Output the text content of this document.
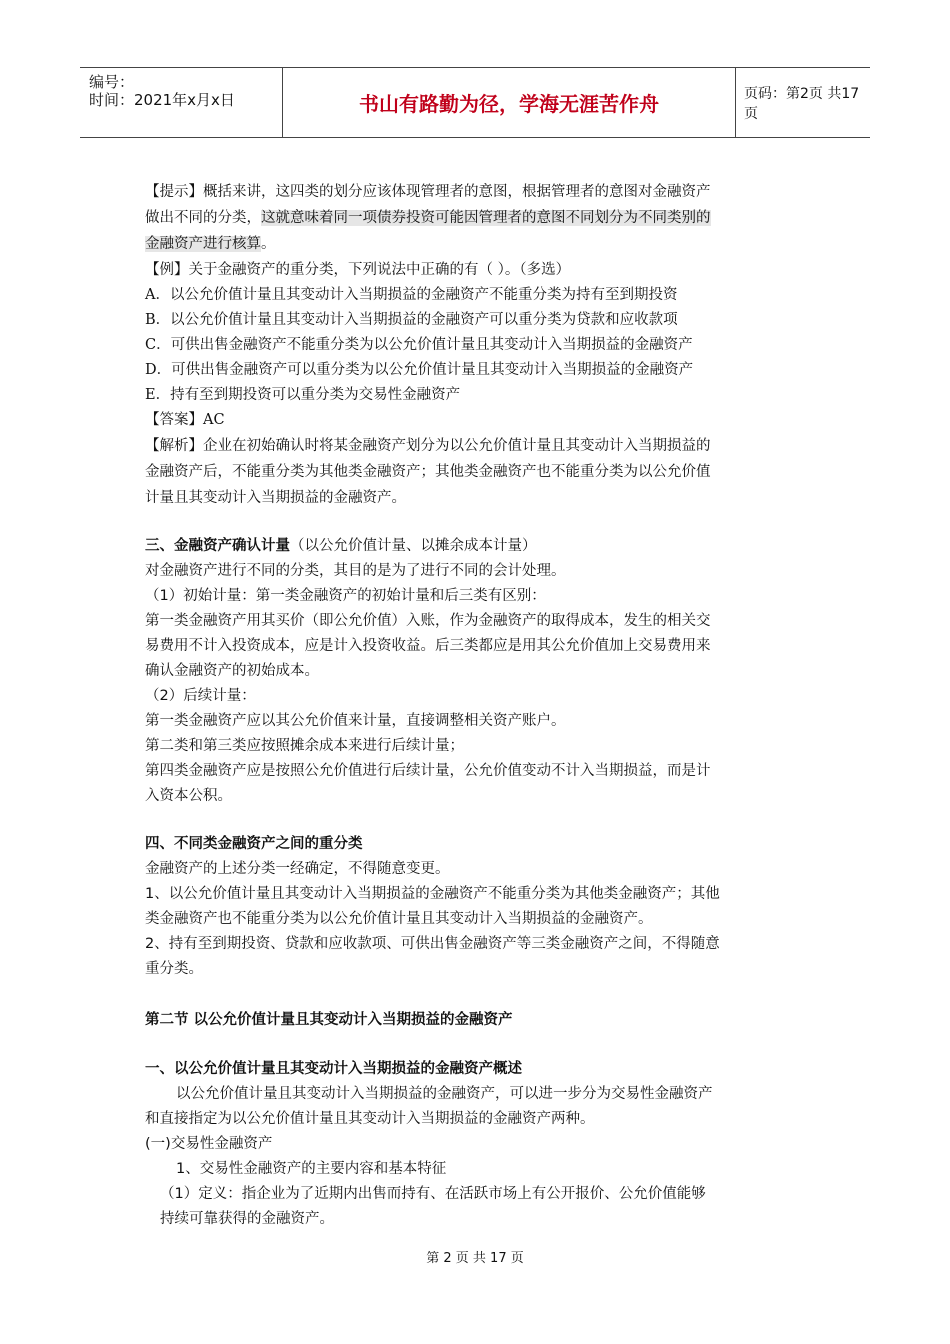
编号：
时间：2021年x月x日	书山有路勤为径，学海无涯苦作舟	页码：第2页 共17页
【提示】概括来讲，这四类的划分应该体现管理者的意图，根据管理者的意图对金融资产
做出不同的分类，这就意味着同一项债券投资可能因管理者的意图不同划分为不同类别的
金融资产进行核算。
【例】关于金融资产的重分类，下列说法中正确的有（ ）。（多选）
A．以公允价值计量且其变动计入当期损益的金融资产不能重分类为持有至到期投资
B．以公允价值计量且其变动计入当期损益的金融资产可以重分类为贷款和应收款项
C．可供出售金融资产不能重分类为以公允价值计量且其变动计入当期损益的金融资产
D．可供出售金融资产可以重分类为以公允价值计量且其变动计入当期损益的金融资产
E．持有至到期投资可以重分类为交易性金融资产
【答案】AC
【解析】企业在初始确认时将某金融资产划分为以公允价值计量且其变动计入当期损益的
金融资产后，不能重分类为其他类金融资产；其他类金融资产也不能重分类为以公允价值
计量且其变动计入当期损益的金融资产。
三、金融资产确认计量（以公允价值计量、以摊余成本计量）
对金融资产进行不同的分类，其目的是为了进行不同的会计处理。
（1）初始计量：第一类金融资产的初始计量和后三类有区别：
第一类金融资产用其买价（即公允价值）入账，作为金融资产的取得成本，发生的相关交
易费用不计入投资成本，应是计入投资收益。后三类都应是用其公允价值加上交易费用来
确认金融资产的初始成本。
（2）后续计量：
第一类金融资产应以其公允价值来计量，直接调整相关资产账户。
第二类和第三类应按照摊余成本来进行后续计量；
第四类金融资产应是按照公允价值进行后续计量，公允价值变动不计入当期损益，而是计
入资本公积。
四、不同类金融资产之间的重分类
金融资产的上述分类一经确定，不得随意变更。
1、以公允价值计量且其变动计入当期损益的金融资产不能重分类为其他类金融资产；其他
类金融资产也不能重分类为以公允价值计量且其变动计入当期损益的金融资产。
2、持有至到期投资、贷款和应收款项、可供出售金融资产等三类金融资产之间，不得随意
重分类。
第二节 以公允价值计量且其变动计入当期损益的金融资产
一、以公允价值计量且其变动计入当期损益的金融资产概述
以公允价值计量且其变动计入当期损益的金融资产，可以进一步分为交易性金融资产
和直接指定为以公允价值计量且其变动计入当期损益的金融资产两种。
(一)交易性金融资产
1、交易性金融资产的主要内容和基本特征
（1）定义：指企业为了近期内出售而持有、在活跃市场上有公开报价、公允价值能够
持续可靠获得的金融资产。
第 2 页 共 17 页
